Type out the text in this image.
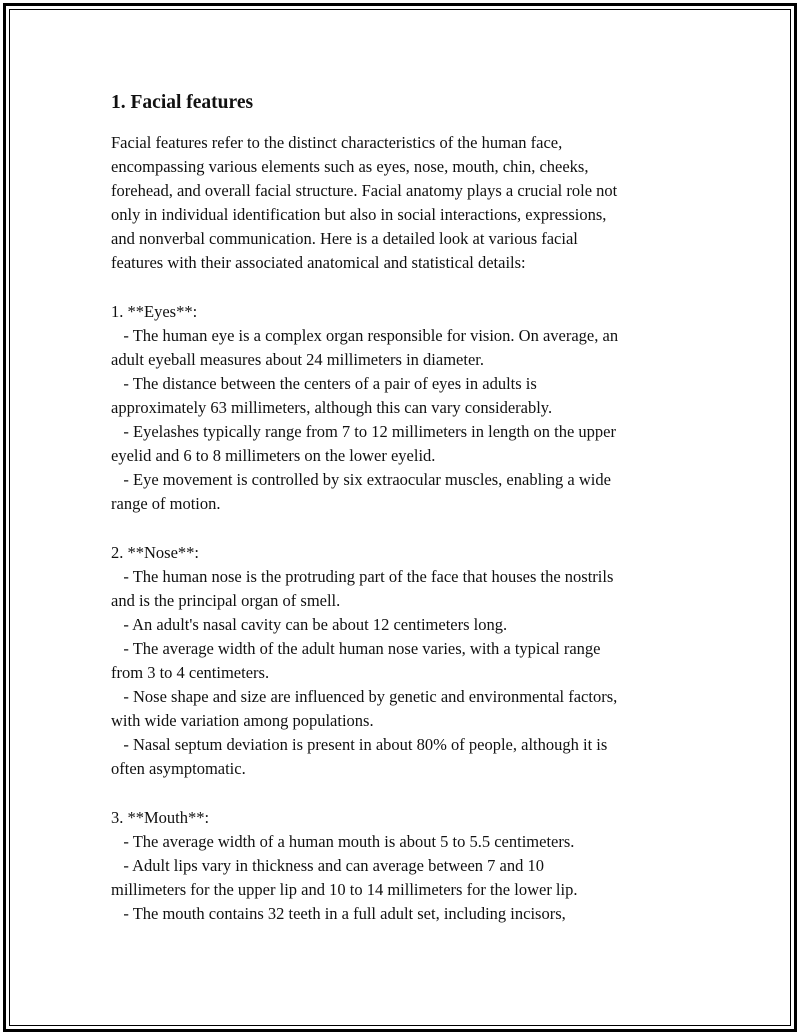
1. Facial features

Facial features refer to the distinct characteristics of the human face,
encompassing various elements such as eyes, nose, mouth, chin, cheeks,
forehead, and overall facial structure. Facial anatomy plays a crucial role not
only in individual identification but also in social interactions, expressions,
and nonverbal communication. Here is a detailed look at various facial
features with their associated anatomical and statistical details:

1. **Eyes**:
- The human eye is a complex organ responsible for vision. On average, an
adult eyeball measures about 24 millimeters in diameter.
- The distance between the centers of a pair of eyes in adults is
approximately 63 millimeters, although this can vary considerably.
- Eyelashes typically range from 7 to 12 millimeters in length on the upper
eyelid and 6 to 8 millimeters on the lower eyelid.
- Eye movement is controlled by six extraocular muscles, enabling a wide
range of motion.

2. **Nose**:
- The human nose is the protruding part of the face that houses the nostrils
and is the principal organ of smell.
- An adult's nasal cavity can be about 12 centimeters long.
- The average width of the adult human nose varies, with a typical range
from 3 to 4 centimeters.
- Nose shape and size are influenced by genetic and environmental factors,
with wide variation among populations.
- Nasal septum deviation is present in about 80% of people, although it is
often asymptomatic.

3. **Mouth**:
- The average width of a human mouth is about 5 to 5.5 centimeters.
- Adult lips vary in thickness and can average between 7 and 10
millimeters for the upper lip and 10 to 14 millimeters for the lower lip.
- The mouth contains 32 teeth in a full adult set, including incisors,
